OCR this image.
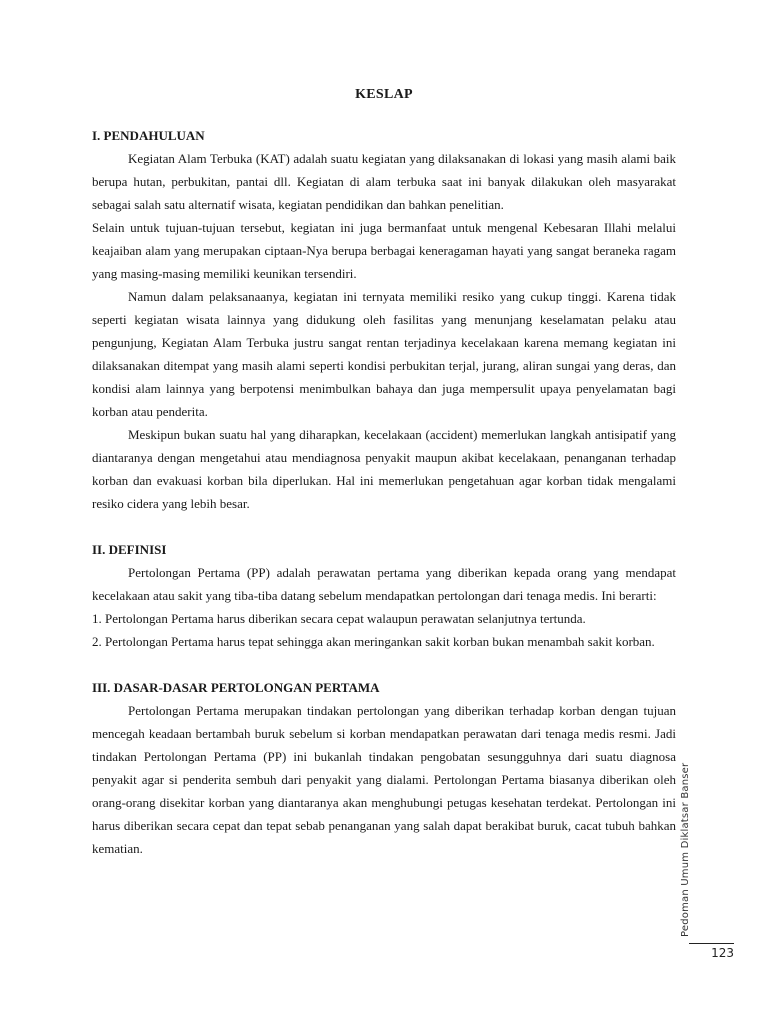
KESLAP

I. PENDAHULUAN

Kegiatan Alam Terbuka (KAT) adalah suatu kegiatan yang dilaksanakan di lokasi yang masih alami baik berupa hutan, perbukitan, pantai dll. Kegiatan di alam terbuka saat ini banyak dilakukan oleh masyarakat sebagai salah satu alternatif wisata, kegiatan pendidikan dan bahkan penelitian.

Selain untuk tujuan-tujuan tersebut, kegiatan ini juga bermanfaat untuk mengenal Kebesaran Illahi melalui keajaiban alam yang merupakan ciptaan-Nya berupa berbagai keneragaman hayati yang sangat beraneka ragam yang masing-masing memiliki keunikan tersendiri.

Namun dalam pelaksanaanya, kegiatan ini ternyata memiliki resiko yang cukup tinggi. Karena tidak seperti kegiatan wisata lainnya yang didukung oleh fasilitas yang menunjang keselamatan pelaku atau pengunjung, Kegiatan Alam Terbuka justru sangat rentan terjadinya kecelakaan karena memang kegiatan ini dilaksanakan ditempat yang masih alami seperti kondisi perbukitan terjal, jurang, aliran sungai yang deras, dan kondisi alam lainnya yang berpotensi menimbulkan bahaya dan juga mempersulit upaya penyelamatan bagi korban atau penderita.

Meskipun bukan suatu hal yang diharapkan, kecelakaan (accident) memerlukan langkah antisipatif yang diantaranya dengan mengetahui atau mendiagnosa penyakit maupun akibat kecelakaan, penanganan terhadap korban dan evakuasi korban bila diperlukan. Hal ini memerlukan pengetahuan agar korban tidak mengalami resiko cidera yang lebih besar.

II. DEFINISI

Pertolongan Pertama (PP) adalah perawatan pertama yang diberikan kepada orang yang mendapat kecelakaan atau sakit yang tiba-tiba datang sebelum mendapatkan pertolongan dari tenaga medis. Ini berarti:

1. Pertolongan Pertama harus diberikan secara cepat walaupun perawatan selanjutnya tertunda.

2. Pertolongan Pertama harus tepat sehingga akan meringankan sakit korban bukan menambah sakit korban.

III. DASAR-DASAR PERTOLONGAN PERTAMA

Pertolongan Pertama merupakan tindakan pertolongan yang diberikan terhadap korban dengan tujuan mencegah keadaan bertambah buruk sebelum si korban mendapatkan perawatan dari tenaga medis resmi. Jadi tindakan Pertolongan Pertama (PP) ini bukanlah tindakan pengobatan sesungguhnya dari suatu diagnosa penyakit agar si penderita sembuh dari penyakit yang dialami. Pertolongan Pertama biasanya diberikan oleh orang-orang disekitar korban yang diantaranya akan menghubungi petugas kesehatan terdekat. Pertolongan ini harus diberikan secara cepat dan tepat sebab penanganan yang salah dapat berakibat buruk, cacat tubuh bahkan kematian.	Pedoman Umum Diklatsar Banser
123
